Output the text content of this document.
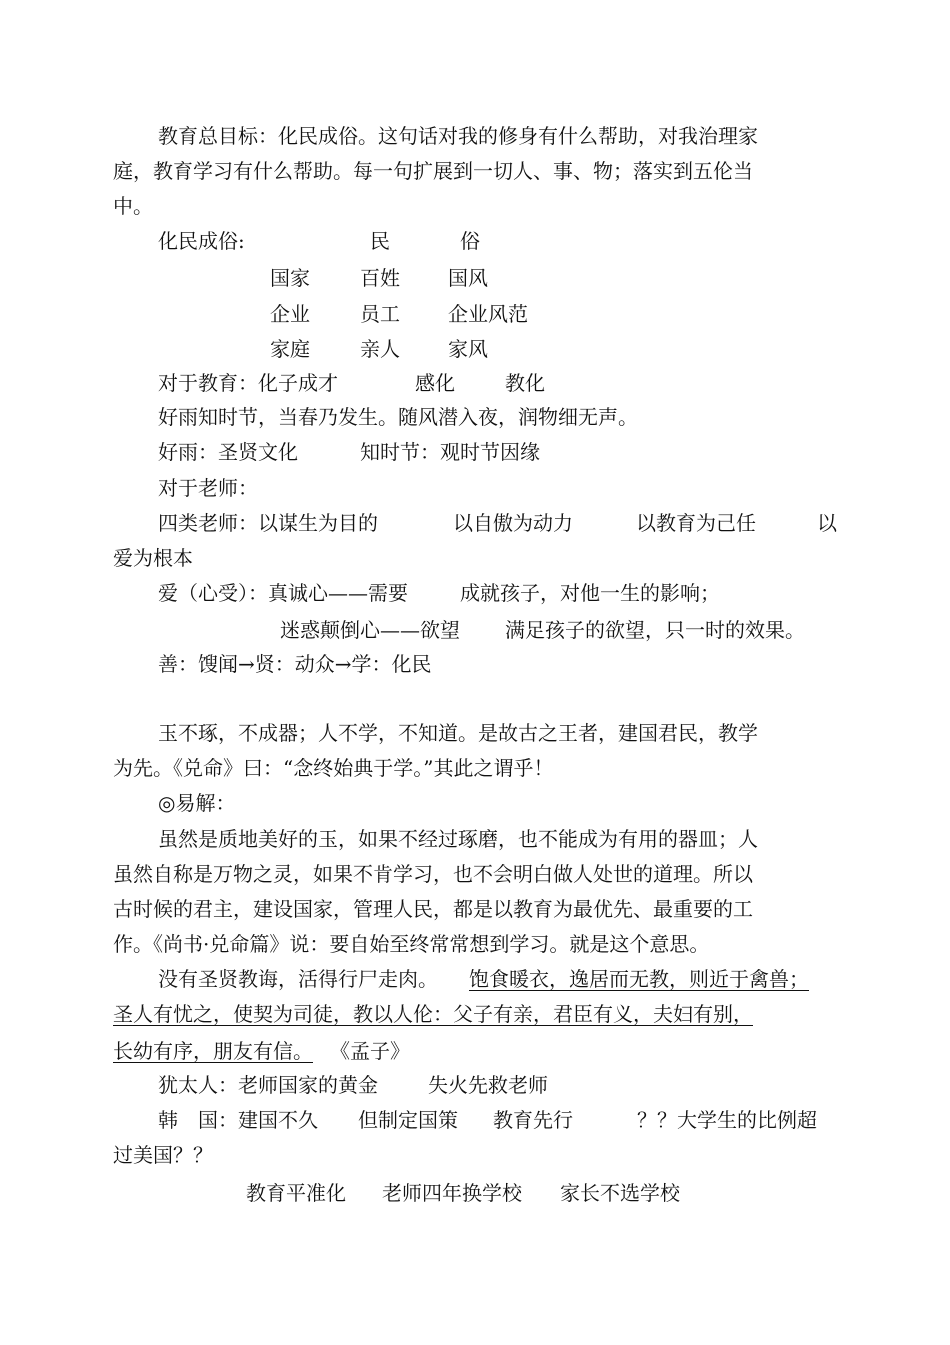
教育总目标：化民成俗。这句话对我的修身有什么帮助，对我治理家
庭，教育学习有什么帮助。每一句扩展到一切人、事、物；落实到五伦当
中。
化民成俗:	民	俗
国家	百姓 国风
企业	员工 企业风范
家庭	亲人 家风
对于教育：化子成才	感化	教化
好雨知时节，当春乃发生。随风潜入夜，润物细无声。
好雨：圣贤文化	知时节：观时节因缘
对于老师：
四类老师：以谋生为目的	以自傲为动力	以教育为己任	以
爱为根本
爱（心受）：真诚心——需要	成就孩子，对他一生的影响；
迷惑颠倒心——欲望 满足孩子的欲望，只一时的效果。
善：馊闻→贤：动众→学：化民
玉不琢，不成器；人不学，不知道。是故古之王者，建国君民，教学
为先。《兑命》曰：“念终始典于学。”其此之谓乎！
◎易解：
虽然是质地美好的玉，如果不经过琢磨，也不能成为有用的器皿；人
虽然自称是万物之灵，如果不肯学习，也不会明白做人处世的道理。所以
古时候的君主，建设国家，管理人民，都是以教育为最优先、最重要的工
作。《尚书·兑命篇》说：要自始至终常常想到学习。就是这个意思。
没有圣贤教诲，活得行尸走肉。 饱食暖衣，逸居而无教，则近于禽兽；
圣人有忧之，使契为司徒，教以人伦：父子有亲，君臣有义，夫妇有别，
长幼有序，朋友有信。 《孟子》
犹太人：老师国家的黄金	失火先救老师
韩　国：建国不久 但制定国策 教育先行	？？大学生的比例超
过美国？？
教育平准化 老师四年换学校 家长不选学校
